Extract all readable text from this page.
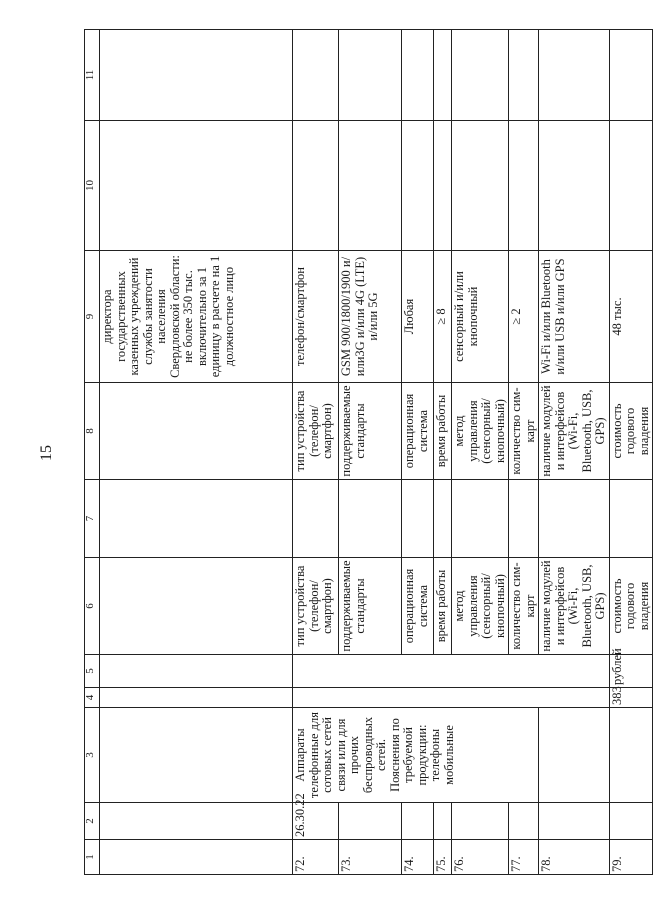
15
1	2	3	4	5	6	7	8	9	10	11
								директора государственных казенных учреждений службы занятости населения Свердловской области: не более 350 тыс. включительно за 1 единицу в расчете на 1 должностное лицо		
72.	26.30.22	Аппараты телефонные для сотовых сетей связи или для прочих беспроводных сетей. Пояснения по требуемой продукции: телефоны мобильные			тип устройства (телефон/ смартфон)		тип устройства (телефон/ смартфон)	телефон/смартфон		
73.					поддерживаемые стандарты		поддерживаемые стандарты	GSM 900/1800/1900 и/или3G и/или 4G (LTE) и/или 5G		
74.					операционная система		операционная система	Любая		
75.					время работы		время работы	≥ 8		
76.					метод управления (сенсорный/ кнопочный)		метод управления (сенсорный/ кнопочный)	сенсорный и/или кнопочный		
77.					количество сим-карт		количество сим-карт	≥ 2		
78.					наличие модулей и интерфейсов (Wi-Fi, Bluetooth, USB, GPS)		наличие модулей и интерфейсов (Wi-Fi, Bluetooth, USB, GPS)	Wi-Fi и/или Bluetooth и/или USB и/или GPS		
79.			383	рублей	стоимость годового владения		стоимость годового владения	48 тыс.		
